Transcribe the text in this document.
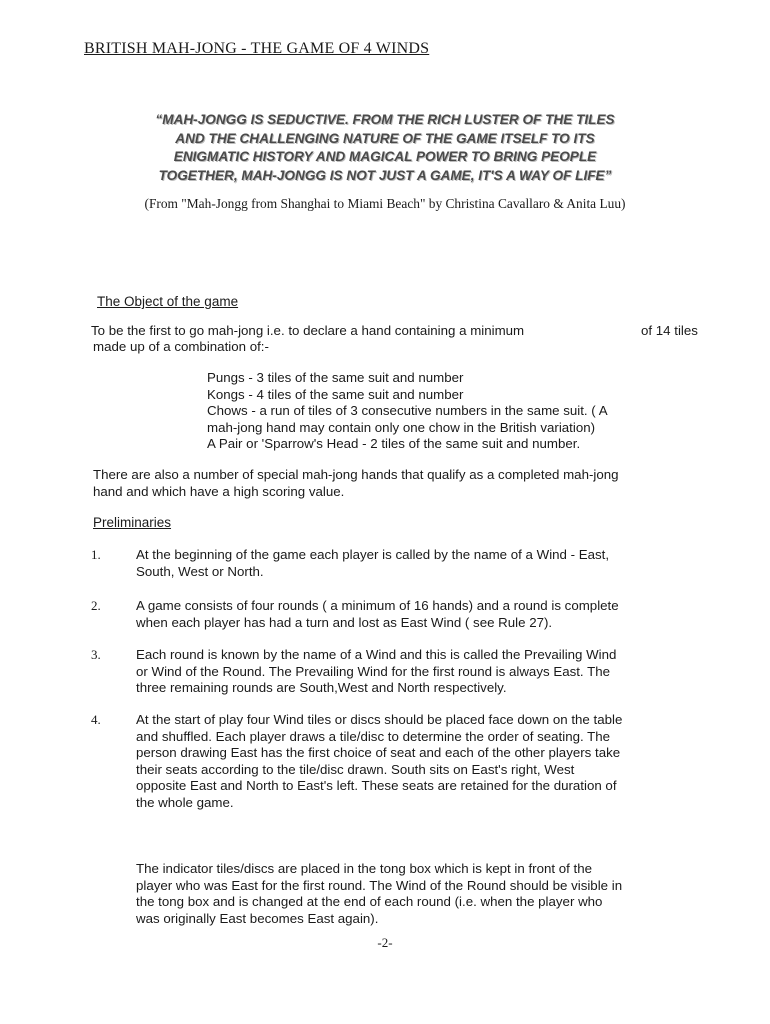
BRITISH MAH-JONG - THE GAME OF 4 WINDS
“MAH-JONGG IS SEDUCTIVE. FROM THE RICH LUSTER OF THE TILES
AND THE CHALLENGING NATURE OF THE GAME ITSELF TO ITS
ENIGMATIC HISTORY AND MAGICAL POWER TO BRING PEOPLE
TOGETHER, MAH-JONGG IS NOT JUST A GAME, IT'S A WAY OF LIFE”
(From "Mah-Jongg from Shanghai to Miami Beach" by Christina Cavallaro & Anita Luu)
The Object of the game
To be the first to go mah-jong i.e. to declare a hand containing a minimum	of 14 tiles
made up of a combination of:-
Pungs - 3 tiles of the same suit and number
Kongs - 4 tiles of the same suit and number
Chows - a run of tiles of 3 consecutive numbers in the same suit. ( A
mah-jong hand may contain only one chow in the British variation)
A Pair or 'Sparrow's Head - 2 tiles of the same suit and number.
There are also a number of special mah-jong hands that qualify as a completed mah-jong
hand and which have a high scoring value.
Preliminaries
1.	At the beginning of the game each player is called by the name of a Wind - East,
South, West or North.
2.	A game consists of four rounds ( a minimum of 16 hands) and a round is complete
when each player has had a turn and lost as East Wind ( see Rule 27).
3.	Each round is known by the name of a Wind and this is called the Prevailing Wind
or Wind of the Round. The Prevailing Wind for the first round is always East. The
three remaining rounds are South,West and North respectively.
4.	At the start of play four Wind tiles or discs should be placed face down on the table
and shuffled. Each player draws a tile/disc to determine the order of seating. The
person drawing East has the first choice of seat and each of the other players take
their seats according to the tile/disc drawn. South sits on East's right, West
opposite East and North to East's left. These seats are retained for the duration of
the whole game.
The indicator tiles/discs are placed in the tong box which is kept in front of the
player who was East for the first round. The Wind of the Round should be visible in
the tong box and is changed at the end of each round (i.e. when the player who
was originally East becomes East again).
-2-
